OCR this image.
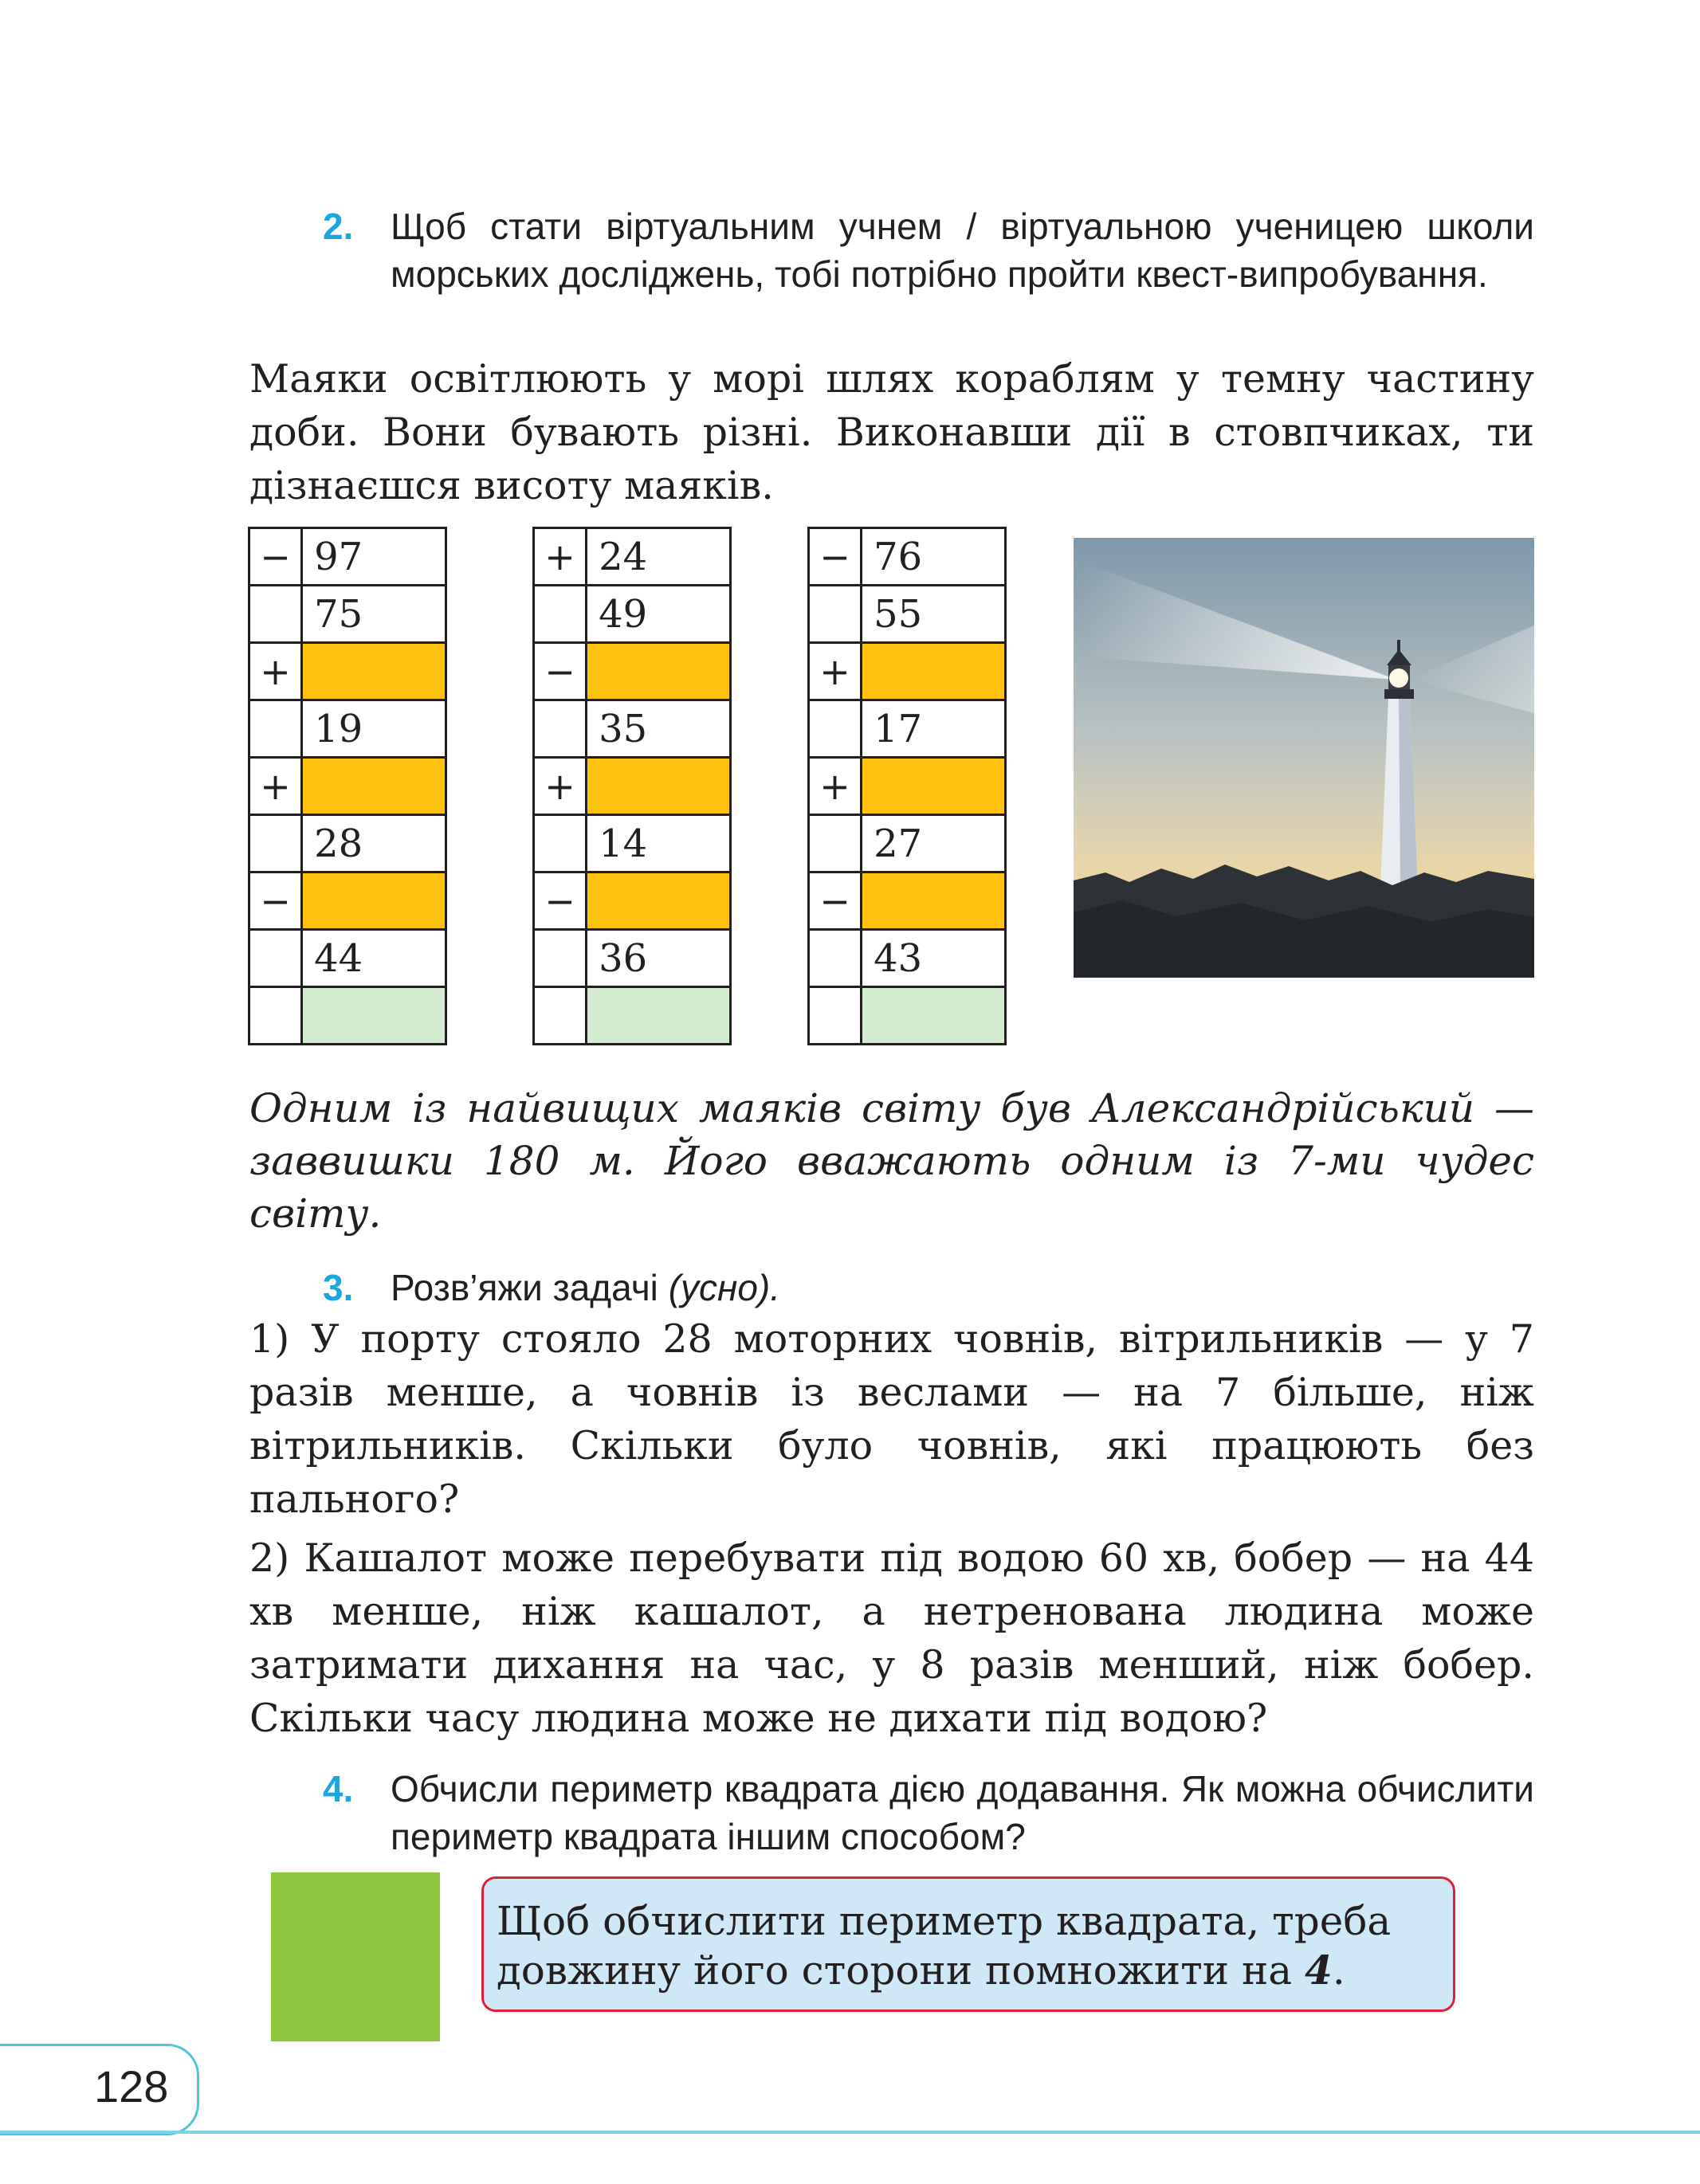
2. Щоб стати віртуальним учнем / віртуальною ученицею школи морських досліджень, тобі потрібно пройти квест-випробування.
Маяки освітлюють у морі шлях кораблям у темну частину доби. Вони бувають різні. Виконавши дії в стовпчиках, ти дізнаєшся висоту маяків.
−	97
	75
+	
	19
+	
	28
−	
	44

+	24
	49
−	
	35
+	
	14
−	
	36

−	76
	55
+	
	17
+	
	27
−	
	43

Одним із найвищих маяків світу був Александрійський — заввишки 180 м. Його вважають одним із 7-ми чудес світу.
3. Розв’яжи задачі (усно).
1) У порту стояло 28 моторних човнів, вітрильників — у 7 разів менше, а човнів із веслами — на 7 більше, ніж вітрильників. Скільки було човнів, які працюють без пального?
2) Кашалот може перебувати під водою 60 хв, бобер — на 44 хв менше, ніж кашалот, а нетренована людина може затримати дихання на час, у 8 разів менший, ніж бобер. Скільки часу людина може не дихати під водою?
4. Обчисли периметр квадрата дією додавання. Як можна обчислити периметр квадрата іншим способом?
Щоб обчислити периметр квадрата, треба довжину його сторони помножити на 4.
128
